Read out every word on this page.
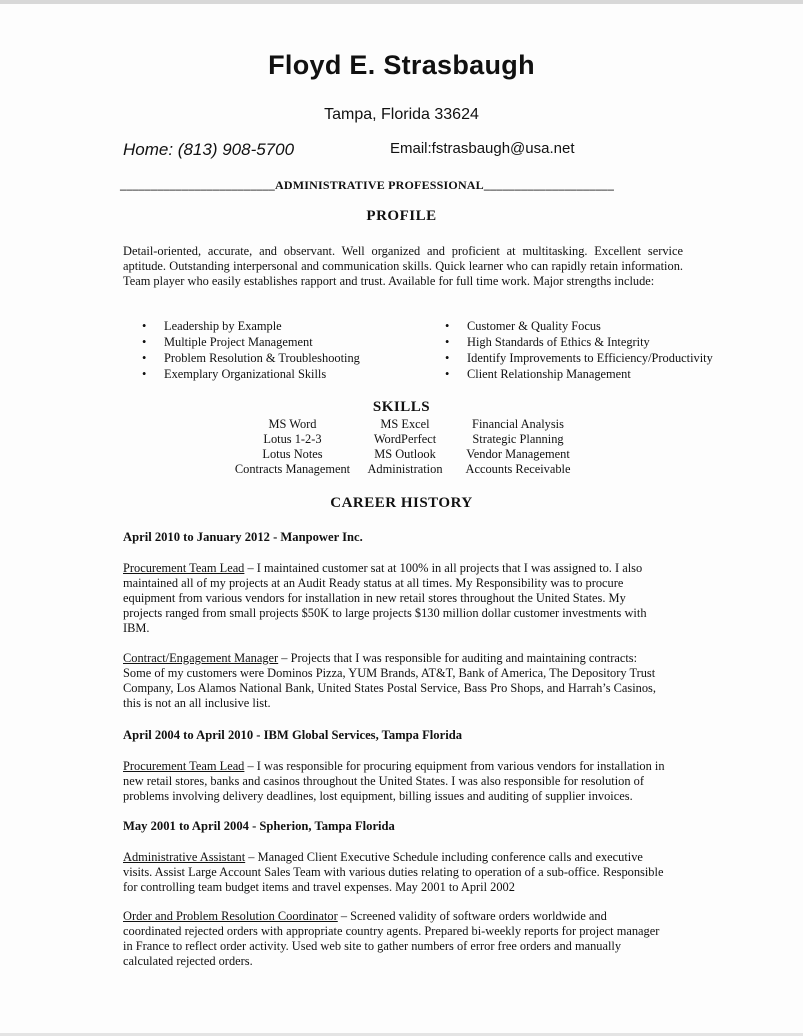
Floyd E. Strasbaugh
Tampa, Florida 33624
Home: (813) 908-5700	Email:fstrasbaugh@usa.net
_________________________ADMINISTRATIVE PROFESSIONAL_____________________
PROFILE
Detail-oriented, accurate, and observant. Well organized and proficient at multitasking. Excellent service aptitude. Outstanding interpersonal and communication skills. Quick learner who can rapidly retain information. Team player who easily establishes rapport and trust. Available for full time work. Major strengths include:
• Leadership by Example
• Multiple Project Management
• Problem Resolution & Troubleshooting
• Exemplary Organizational Skills
• Customer & Quality Focus
• High Standards of Ethics & Integrity
• Identify Improvements to Efficiency/Productivity
• Client Relationship Management
SKILLS
MS Word
Lotus 1-2-3
Lotus Notes
Contracts Management
MS Excel
WordPerfect
MS Outlook
Administration
Financial Analysis
Strategic Planning
Vendor Management
Accounts Receivable
CAREER HISTORY
April 2010 to January 2012 - Manpower Inc.
Procurement Team Lead – I maintained customer sat at 100% in all projects that I was assigned to. I also maintained all of my projects at an Audit Ready status at all times. My Responsibility was to procure equipment from various vendors for installation in new retail stores throughout the United States. My projects ranged from small projects $50K to large projects $130 million dollar customer investments with IBM.
Contract/Engagement Manager – Projects that I was responsible for auditing and maintaining contracts: Some of my customers were Dominos Pizza, YUM Brands, AT&T, Bank of America, The Depository Trust Company, Los Alamos National Bank, United States Postal Service, Bass Pro Shops, and Harrah’s Casinos, this is not an all inclusive list.
April 2004 to April 2010 - IBM Global Services, Tampa Florida
Procurement Team Lead – I was responsible for procuring equipment from various vendors for installation in new retail stores, banks and casinos throughout the United States. I was also responsible for resolution of problems involving delivery deadlines, lost equipment, billing issues and auditing of supplier invoices.
May 2001 to April 2004 - Spherion, Tampa Florida
Administrative Assistant – Managed Client Executive Schedule including conference calls and executive visits. Assist Large Account Sales Team with various duties relating to operation of a sub-office. Responsible for controlling team budget items and travel expenses. May 2001 to April 2002
Order and Problem Resolution Coordinator – Screened validity of software orders worldwide and coordinated rejected orders with appropriate country agents. Prepared bi-weekly reports for project manager in France to reflect order activity. Used web site to gather numbers of error free orders and manually calculated rejected orders.
